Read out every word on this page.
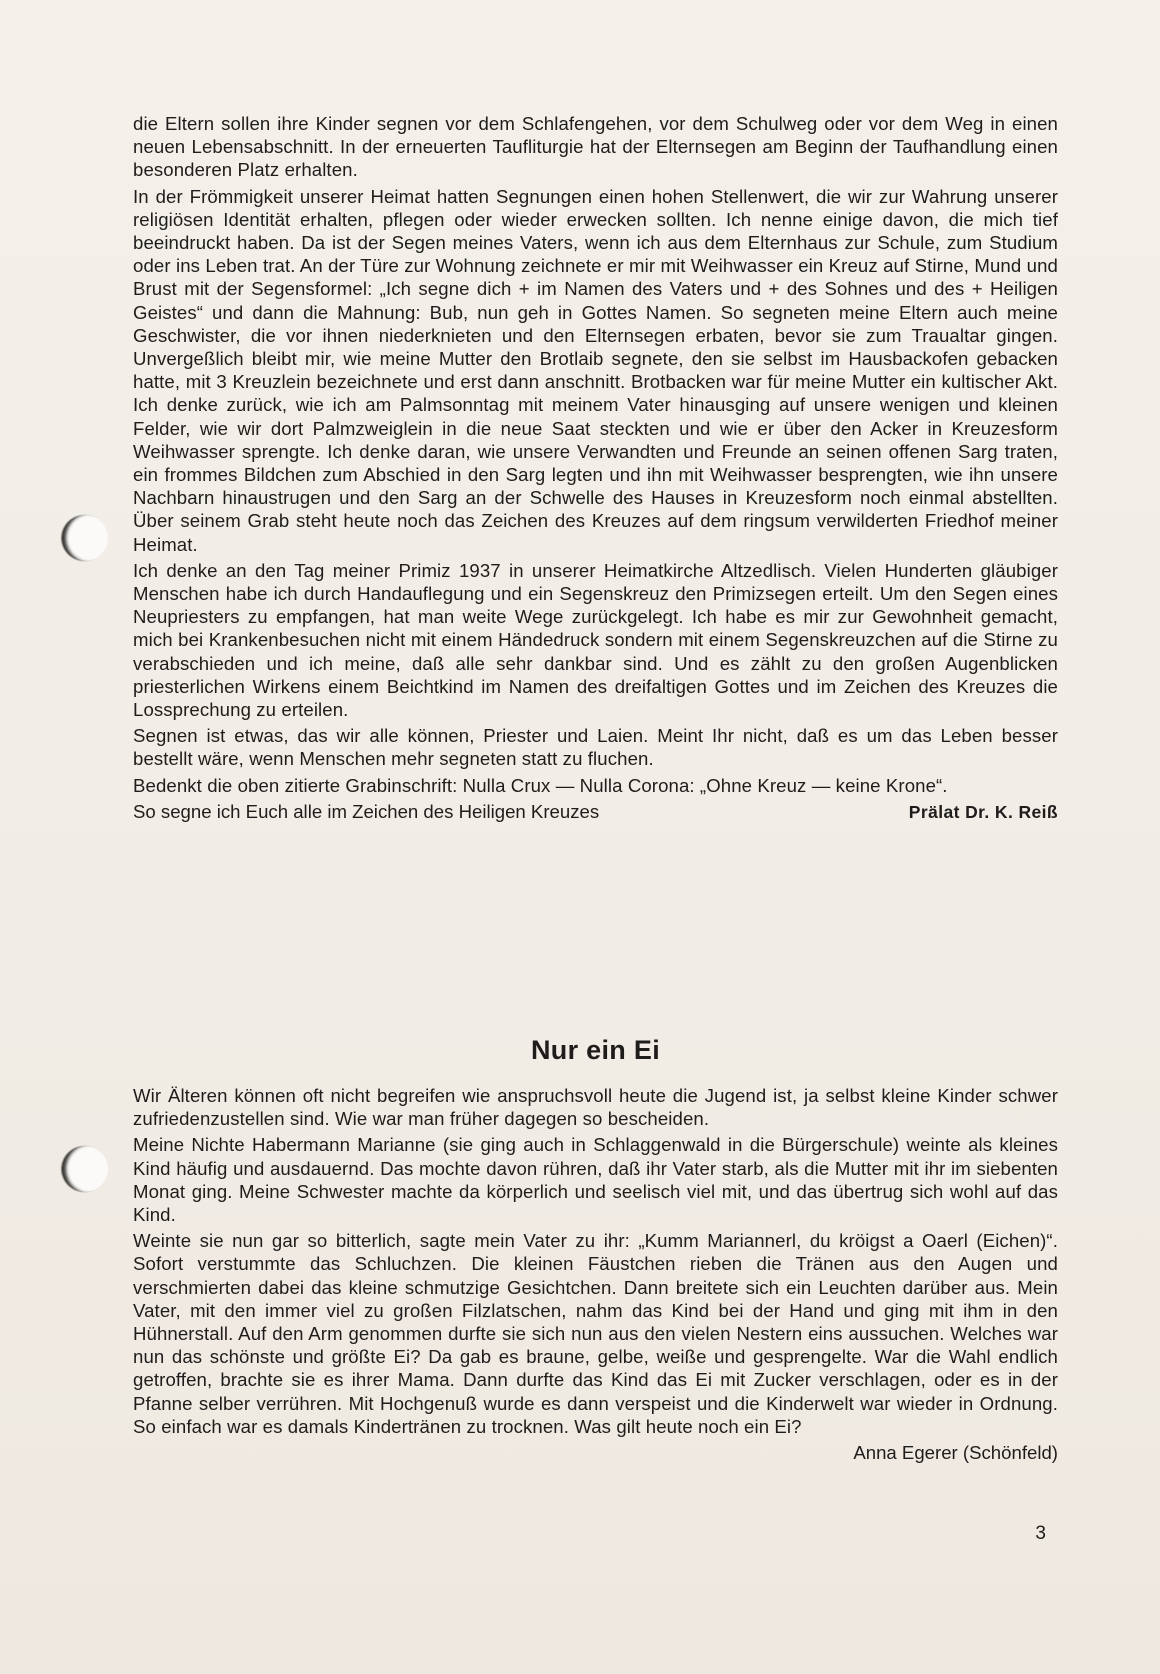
die Eltern sollen ihre Kinder segnen vor dem Schlafengehen, vor dem Schulweg oder vor dem Weg in einen neuen Lebensabschnitt. In der erneuerten Taufliturgie hat der Elternsegen am Beginn der Taufhandlung einen besonderen Platz erhalten.

In der Frömmigkeit unserer Heimat hatten Segnungen einen hohen Stellenwert, die wir zur Wahrung unserer religiösen Identität erhalten, pflegen oder wieder erwecken sollten. Ich nenne einige davon, die mich tief beeindruckt haben. Da ist der Segen meines Vaters, wenn ich aus dem Elternhaus zur Schule, zum Studium oder ins Leben trat. An der Türe zur Wohnung zeichnete er mir mit Weihwasser ein Kreuz auf Stirne, Mund und Brust mit der Segensformel: „Ich segne dich + im Namen des Vaters und + des Sohnes und des + Heiligen Geistes“ und dann die Mahnung: Bub, nun geh in Gottes Namen. So segneten meine Eltern auch meine Geschwister, die vor ihnen niederknieten und den Elternsegen erbaten, bevor sie zum Traualtar gingen. Unvergeßlich bleibt mir, wie meine Mutter den Brotlaib segnete, den sie selbst im Hausbackofen gebacken hatte, mit 3 Kreuzlein bezeichnete und erst dann anschnitt. Brotbacken war für meine Mutter ein kultischer Akt. Ich denke zurück, wie ich am Palmsonntag mit meinem Vater hinausging auf unsere wenigen und kleinen Felder, wie wir dort Palmzweiglein in die neue Saat steckten und wie er über den Acker in Kreuzesform Weihwasser sprengte. Ich denke daran, wie unsere Verwandten und Freunde an seinen offenen Sarg traten, ein frommes Bildchen zum Abschied in den Sarg legten und ihn mit Weihwasser besprengten, wie ihn unsere Nachbarn hinaustrugen und den Sarg an der Schwelle des Hauses in Kreuzesform noch einmal abstellten. Über seinem Grab steht heute noch das Zeichen des Kreuzes auf dem ringsum verwilderten Friedhof meiner Heimat.

Ich denke an den Tag meiner Primiz 1937 in unserer Heimatkirche Altzedlisch. Vielen Hunderten gläubiger Menschen habe ich durch Handauflegung und ein Segenskreuz den Primizsegen erteilt. Um den Segen eines Neupriesters zu empfangen, hat man weite Wege zurückgelegt. Ich habe es mir zur Gewohnheit gemacht, mich bei Krankenbesuchen nicht mit einem Händedruck sondern mit einem Segenskreuzchen auf die Stirne zu verabschieden und ich meine, daß alle sehr dankbar sind. Und es zählt zu den großen Augenblicken priesterlichen Wirkens einem Beichtkind im Namen des dreifaltigen Gottes und im Zeichen des Kreuzes die Lossprechung zu erteilen.

Segnen ist etwas, das wir alle können, Priester und Laien. Meint Ihr nicht, daß es um das Leben besser bestellt wäre, wenn Menschen mehr segneten statt zu fluchen.

Bedenkt die oben zitierte Grabinschrift: Nulla Crux — Nulla Corona: „Ohne Kreuz — keine Krone“.

So segne ich Euch alle im Zeichen des Heiligen Kreuzes	Prälat Dr. K. Reiß
Nur ein Ei

Wir Älteren können oft nicht begreifen wie anspruchsvoll heute die Jugend ist, ja selbst kleine Kinder schwer zufriedenzustellen sind. Wie war man früher dagegen so bescheiden.

Meine Nichte Habermann Marianne (sie ging auch in Schlaggenwald in die Bürgerschule) weinte als kleines Kind häufig und ausdauernd. Das mochte davon rühren, daß ihr Vater starb, als die Mutter mit ihr im siebenten Monat ging. Meine Schwester machte da körperlich und seelisch viel mit, und das übertrug sich wohl auf das Kind.

Weinte sie nun gar so bitterlich, sagte mein Vater zu ihr: „Kumm Mariannerl, du kröigst a Oaerl (Eichen)“. Sofort verstummte das Schluchzen. Die kleinen Fäustchen rieben die Tränen aus den Augen und verschmierten dabei das kleine schmutzige Gesichtchen. Dann breitete sich ein Leuchten darüber aus. Mein Vater, mit den immer viel zu großen Filzlatschen, nahm das Kind bei der Hand und ging mit ihm in den Hühnerstall. Auf den Arm genommen durfte sie sich nun aus den vielen Nestern eins aussuchen. Welches war nun das schönste und größte Ei? Da gab es braune, gelbe, weiße und gesprengelte. War die Wahl endlich getroffen, brachte sie es ihrer Mama. Dann durfte das Kind das Ei mit Zucker verschlagen, oder es in der Pfanne selber verrühren. Mit Hochgenuß wurde es dann verspeist und die Kinderwelt war wieder in Ordnung. So einfach war es damals Kindertränen zu trocknen. Was gilt heute noch ein Ei?

Anna Egerer (Schönfeld)

3
